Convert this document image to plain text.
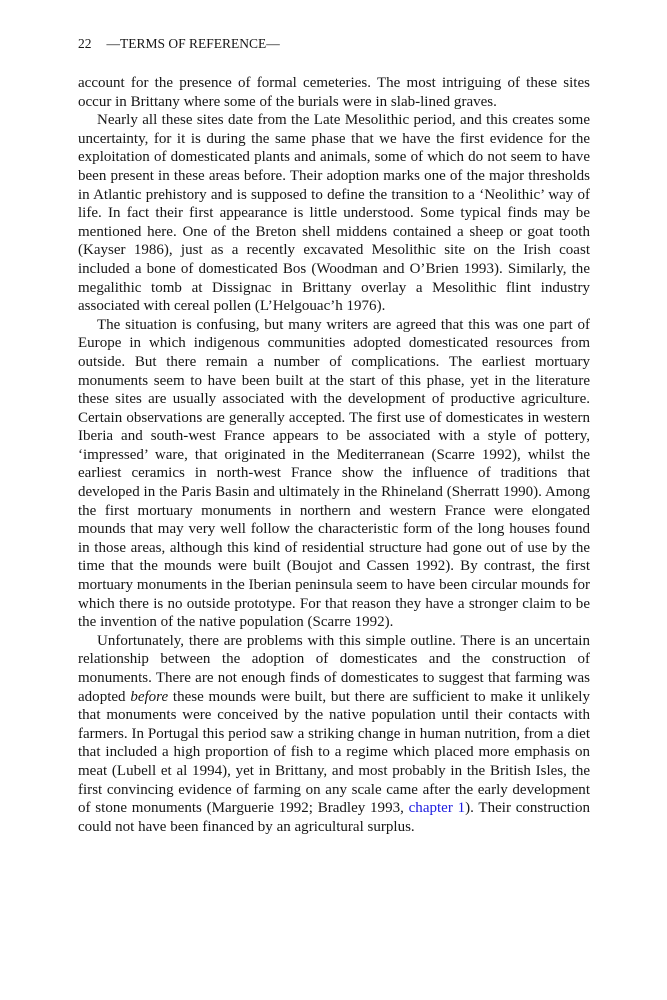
22 —TERMS OF REFERENCE—

account for the presence of formal cemeteries. The most intriguing of these sites occur in Brittany where some of the burials were in slab-lined graves.

Nearly all these sites date from the Late Mesolithic period, and this creates some uncertainty, for it is during the same phase that we have the first evidence for the exploitation of domesticated plants and animals, some of which do not seem to have been present in these areas before. Their adoption marks one of the major thresholds in Atlantic prehistory and is supposed to define the transition to a ‘Neolithic’ way of life. In fact their first appearance is little understood. Some typical finds may be mentioned here. One of the Breton shell middens contained a sheep or goat tooth (Kayser 1986), just as a recently excavated Mesolithic site on the Irish coast included a bone of domesticated Bos (Woodman and O’Brien 1993). Similarly, the megalithic tomb at Dissignac in Brittany overlay a Mesolithic flint industry associated with cereal pollen (L’Helgouac’h 1976).

The situation is confusing, but many writers are agreed that this was one part of Europe in which indigenous communities adopted domesticated resources from outside. But there remain a number of complications. The earliest mortuary monuments seem to have been built at the start of this phase, yet in the literature these sites are usually associated with the development of productive agriculture. Certain observations are generally accepted. The first use of domesticates in western Iberia and south-west France appears to be associated with a style of pottery, ‘impressed’ ware, that originated in the Mediterranean (Scarre 1992), whilst the earliest ceramics in north-west France show the influence of traditions that developed in the Paris Basin and ultimately in the Rhineland (Sherratt 1990). Among the first mortuary monuments in northern and western France were elongated mounds that may very well follow the characteristic form of the long houses found in those areas, although this kind of residential structure had gone out of use by the time that the mounds were built (Boujot and Cassen 1992). By contrast, the first mortuary monuments in the Iberian peninsula seem to have been circular mounds for which there is no outside prototype. For that reason they have a stronger claim to be the invention of the native population (Scarre 1992).

Unfortunately, there are problems with this simple outline. There is an uncertain relationship between the adoption of domesticates and the construction of monuments. There are not enough finds of domesticates to suggest that farming was adopted before these mounds were built, but there are sufficient to make it unlikely that monuments were conceived by the native population until their contacts with farmers. In Portugal this period saw a striking change in human nutrition, from a diet that included a high proportion of fish to a regime which placed more emphasis on meat (Lubell et al 1994), yet in Brittany, and most probably in the British Isles, the first convincing evidence of farming on any scale came after the early development of stone monuments (Marguerie 1992; Bradley 1993, chapter 1). Their construction could not have been financed by an agricultural surplus.
